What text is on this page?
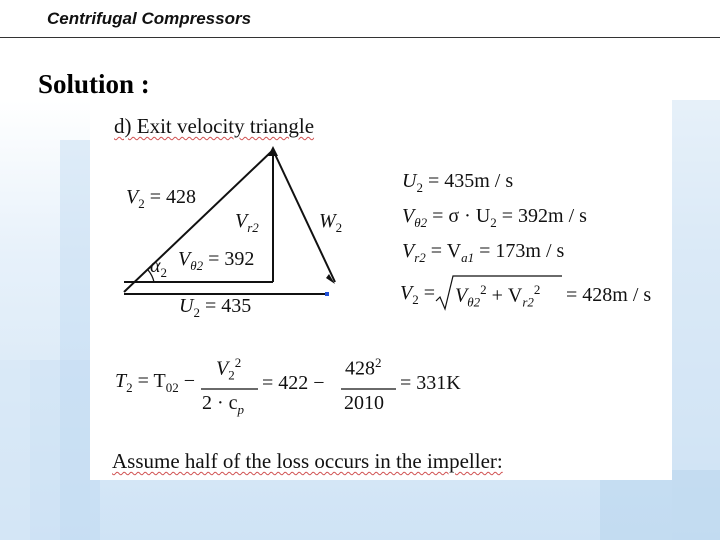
Centrifugal Compressors
Solution :
d) Exit velocity triangle
$V_2 = 428$
$V_{r2}$	$W_2$
$\alpha_2$
$V_{\theta 2} = 392$
$U_2 = 435$
$U_2 = 435m / s$
$V_{\theta 2} = \sigma \cdot U_2 = 392m / s$
$V_{r2} = V_{a1} = 173m / s$
$V_2 = V_{\theta 2}^2 + V_{r2}^2 = 428m / s$
$T_2 = T_{02}$ −
$V_2^2$
$2 \cdot c_p$
= 422 −
$428^2$
2010
= 331K
Assume half of the loss occurs in the impeller:
